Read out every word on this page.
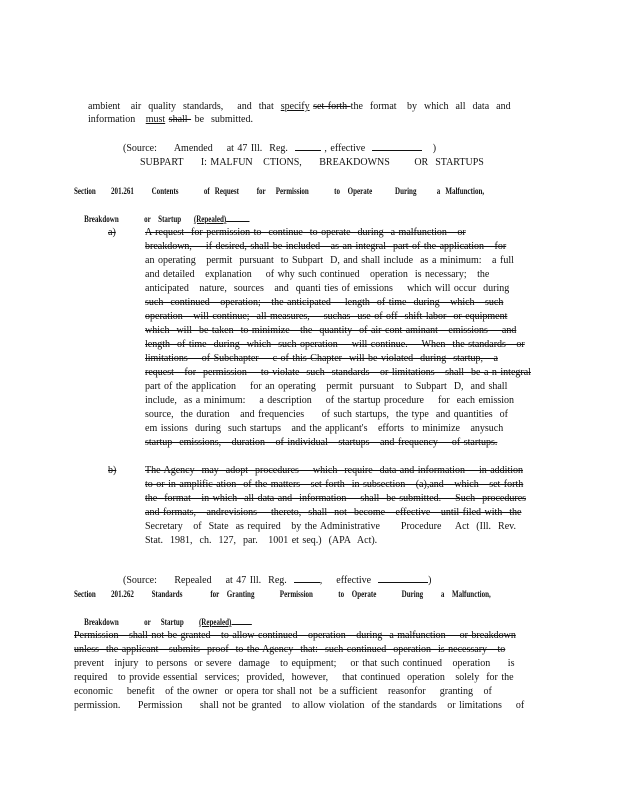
ambient   air  quality  standards,    and  that  specify set forth the  format   by  which  all  data  and

information   must shall  be  submitted.

(Source:     Amended    at 47 Ill.  Reg.	, effective	)

SUBPART     I: MALFUN   CTIONS,     BREAKDOWNS       OR  STARTUPS
Section      201.261       Contents          of  Request       for    Permission          to   Operate         During        a  Malfunction,

Breakdown          or   Startup     (Repealed)

a)	A request  for permission to  continue  to operate  during  a malfunction   or
breakdown,    if desired, shall be included   as an integral  part of the application   for
an operating   permit  pursuant  to Subpart  D, and shall include  as a minimum:   a full
and detailed   explanation    of why such continued   operation  is necessary;   the
anticipated   nature,  sources   and  quanti ties of emissions    which will occur  during
such  continued   operation;   the anticipated    length  of time  during   which   such
operation   will continue;  all measures,    suchas  use of off  shift labor  or equipment
which  will  be taken  to minimize   the  quantity  of air cont aminant   emissions    and
length  of time  during  which  such operation    will continue.    When  the standards   or
limitations    of Subchapter    c of this Chapter  will be violated  during  startup,   a
request   for  permission    to violate  such  standards   or limitations   shall  be a n integral
part of the application    for an operating   permit  pursuant   to Subpart  D,  and shall
include,  as a minimum:    a description    of the startup procedure    for  each emission
source,  the duration   and frequencies     of such startups,  the type  and quantities  of
em issions  during  such startups   and the applicant's   efforts  to minimize   anysuch
startup  emissions,   duration   of individual   startups   and frequency    of startups.
b)	The Agency  may  adopt  procedures    which  require  data and information    in addition
to or in amplific ation  of the matters   set forth  in subsection   (a),and   which   set forth
the  format   in which  all data and  information    shall  be submitted.    Such  procedures
and formats,   andrevisions    thereto,  shall  not  become   effective   until filed with  the
Secretary   of  State  as required   by the Administrative      Procedure    Act  (Ill.  Rev.
Stat.  1981,  ch.  127,  par.   1001 et seq.)  (APA  Act).

(Source:     Repealed    at 47 Ill.  Reg.	,    effective	)

Section      201.262       Standards           for   Granting          Permission          to   Operate          During       a   Malfunction,

Breakdown          or    Startup      (Repealed)

Permission   shall not be granted   to allow continued   operation   during  a malfunction    or breakdown
unless  the applicant   submits  proof  to the Agency  that:  such continued  operation  is necessary   to
prevent   injury  to persons  or severe  damage   to equipment;    or that such continued   operation     is
required   to provide essential  services;  provided,  however,    that continued  operation   solely  for the
economic    benefit   of the owner  or opera tor shall not  be a sufficient   reasonfor    granting   of
permission.     Permission     shall not be granted   to allow violation  of the standards   or limitations    of
